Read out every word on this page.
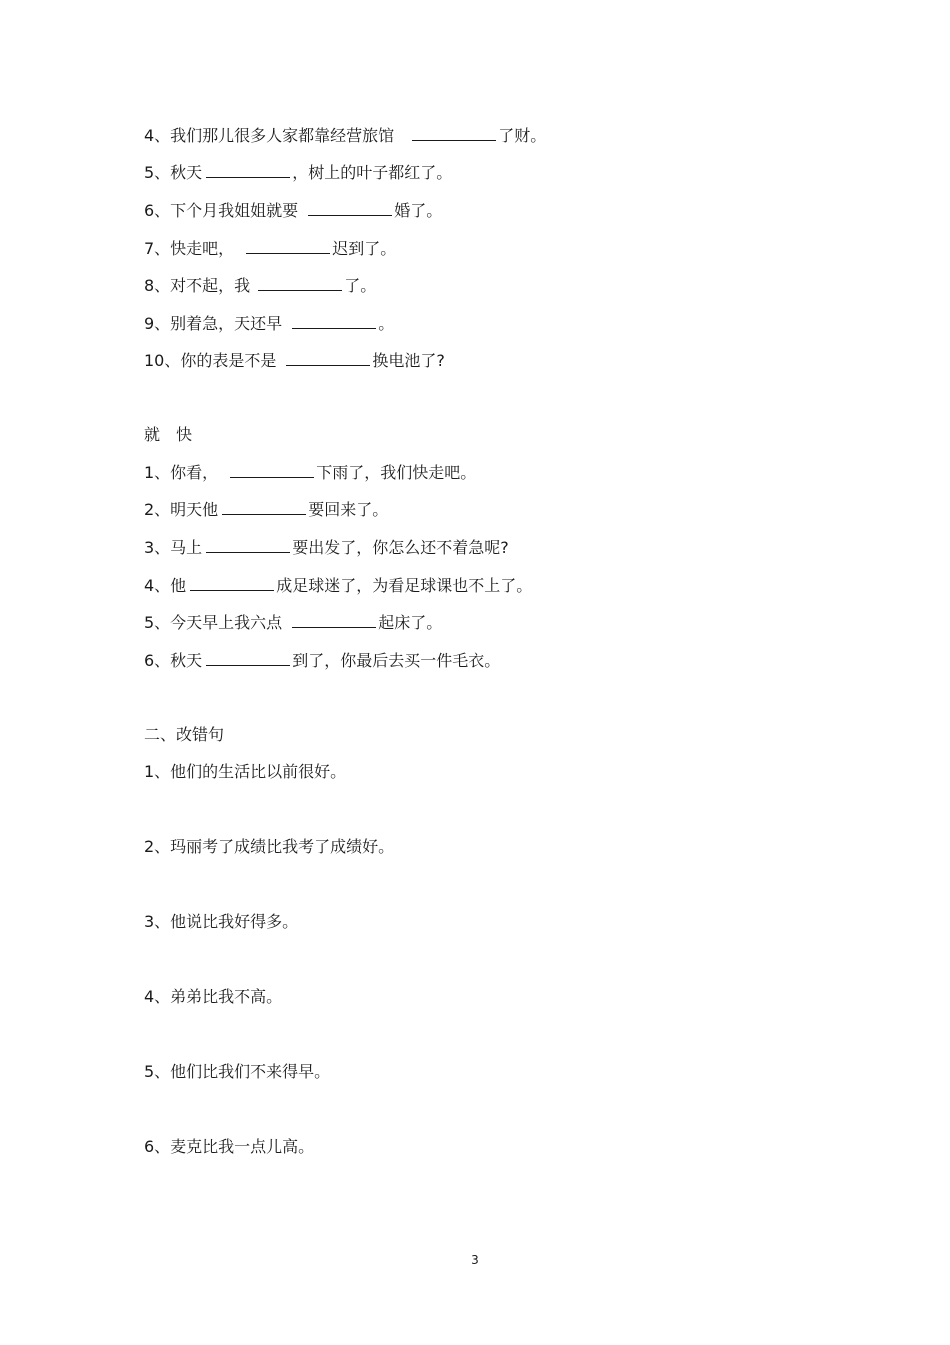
4、我们那儿很多人家都靠经营旅馆	了财。
5、秋天	，树上的叶子都红了。
6、下个月我姐姐就要	婚了。
7、快走吧，	迟到了。
8、对不起，我	了。
9、别着急，天还早	。
10、你的表是不是	换电池了?
就　快
1、你看，	下雨了，我们快走吧。
2、明天他	要回来了。
3、马上	要出发了，你怎么还不着急呢?
4、他	成足球迷了，为看足球课也不上了。
5、今天早上我六点	起床了。
6、秋天	到了，你最后去买一件毛衣。
二、改错句
1、他们的生活比以前很好。
2、玛丽考了成绩比我考了成绩好。
3、他说比我好得多。
4、弟弟比我不高。
5、他们比我们不来得早。
6、麦克比我一点儿高。
3
